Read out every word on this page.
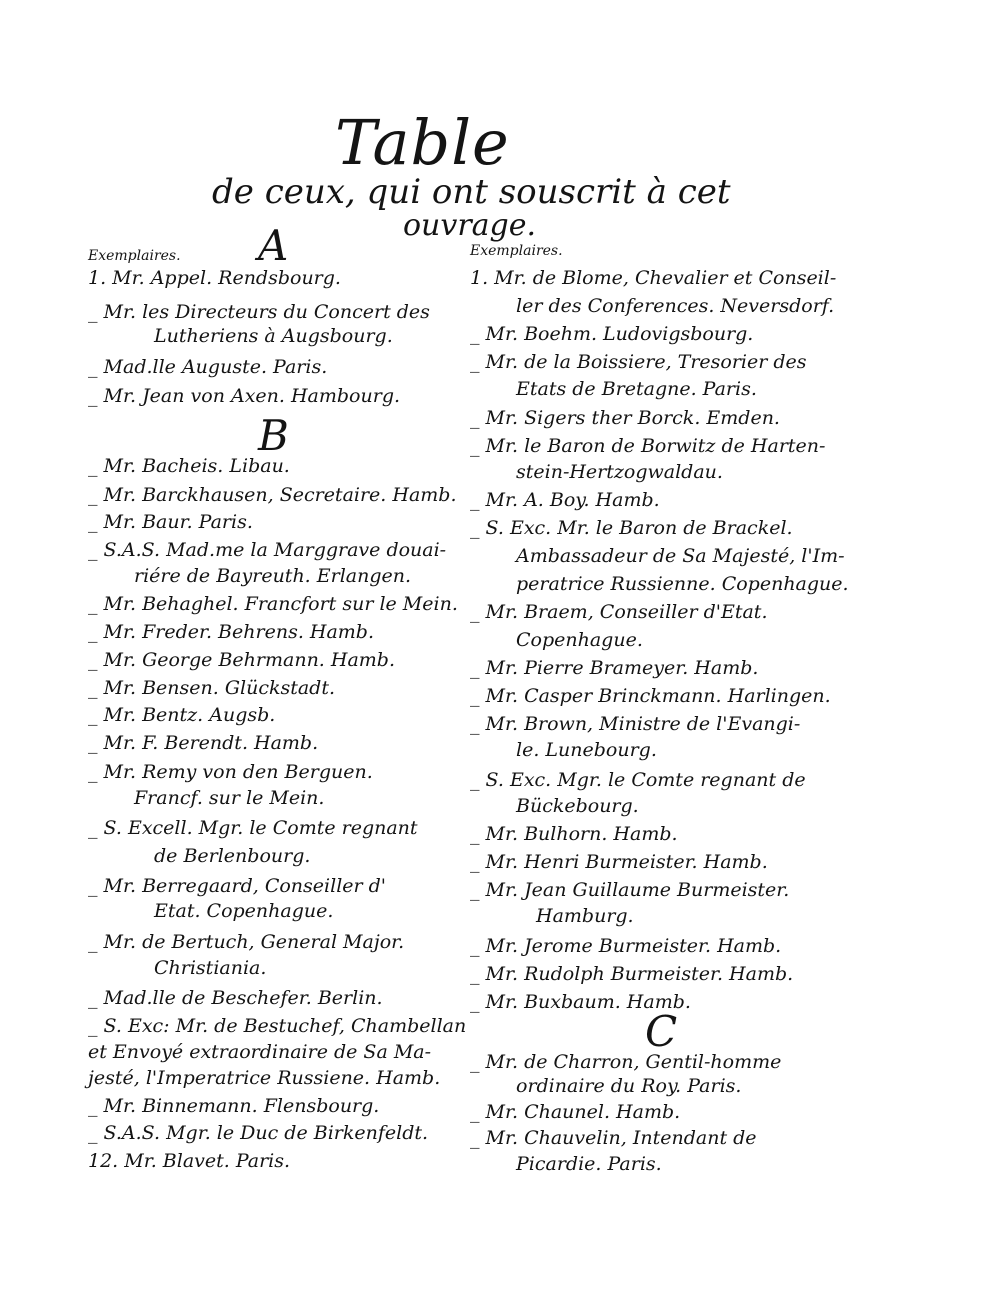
Table
de ceux, qui ont souscrit à cet
ouvrage.
Exemplaires.	Exemplaires.
A
B
C
1. Mr. Appel. Rendsbourg.
_ Mr. les Directeurs du Concert des
Lutheriens à Augsbourg.
_ Mad.lle Auguste. Paris.
_ Mr. Jean von Axen. Hambourg.
_ Mr. Bacheis. Libau.
_ Mr. Barckhausen, Secretaire. Hamb.
_ Mr. Baur. Paris.
_ S.A.S. Mad.me la Marggrave douai-
riére de Bayreuth. Erlangen.
_ Mr. Behaghel. Francfort sur le Mein.
_ Mr. Freder. Behrens. Hamb.
_ Mr. George Behrmann. Hamb.
_ Mr. Bensen. Glückstadt.
_ Mr. Bentz. Augsb.
_ Mr. F. Berendt. Hamb.
_ Mr. Remy von den Berguen.
Francf. sur le Mein.
_ S. Excell. Mgr. le Comte regnant
de Berlenbourg.
_ Mr. Berregaard, Conseiller d'
Etat. Copenhague.
_ Mr. de Bertuch, General Major.
Christiania.
_ Mad.lle de Beschefer. Berlin.
_ S. Exc: Mr. de Bestuchef, Chambellan
et Envoyé extraordinaire de Sa Ma-
jesté, l'Imperatrice Russiene. Hamb.
_ Mr. Binnemann. Flensbourg.
_ S.A.S. Mgr. le Duc de Birkenfeldt.
12. Mr. Blavet. Paris.
1. Mr. de Blome, Chevalier et Conseil-
ler des Conferences. Neversdorf.
_ Mr. Boehm. Ludovigsbourg.
_ Mr. de la Boissiere, Tresorier des
Etats de Bretagne. Paris.
_ Mr. Sigers ther Borck. Emden.
_ Mr. le Baron de Borwitz de Harten-
stein-Hertzogwaldau.
_ Mr. A. Boy. Hamb.
_ S. Exc. Mr. le Baron de Brackel.
Ambassadeur de Sa Majesté, l'Im-
peratrice Russienne. Copenhague.
_ Mr. Braem, Conseiller d'Etat.
Copenhague.
_ Mr. Pierre Brameyer. Hamb.
_ Mr. Casper Brinckmann. Harlingen.
_ Mr. Brown, Ministre de l'Evangi-
le. Lunebourg.
_ S. Exc. Mgr. le Comte regnant de
Bückebourg.
_ Mr. Bulhorn. Hamb.
_ Mr. Henri Burmeister. Hamb.
_ Mr. Jean Guillaume Burmeister.
Hamburg.
_ Mr. Jerome Burmeister. Hamb.
_ Mr. Rudolph Burmeister. Hamb.
_ Mr. Buxbaum. Hamb.
_ Mr. de Charron, Gentil-homme
ordinaire du Roy. Paris.
_ Mr. Chaunel. Hamb.
_ Mr. Chauvelin, Intendant de
Picardie. Paris.
